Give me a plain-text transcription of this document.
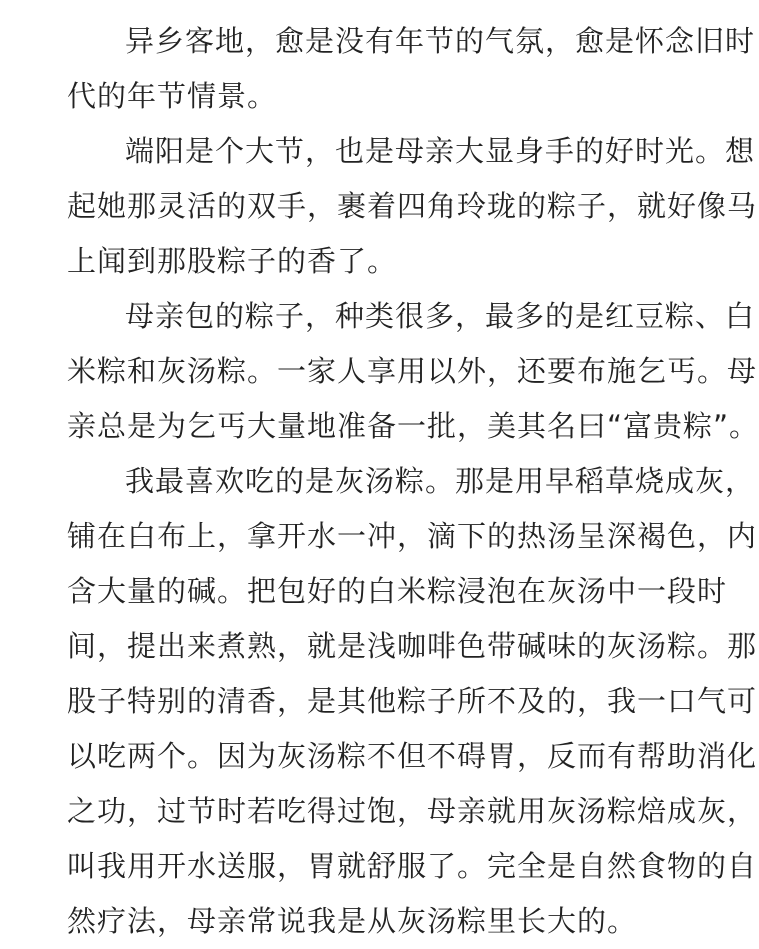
异乡客地，愈是没有年节的气氛，愈是怀念旧时
代的年节情景。
端阳是个大节，也是母亲大显身手的好时光。想
起她那灵活的双手，裹着四角玲珑的粽子，就好像马
上闻到那股粽子的香了。
母亲包的粽子，种类很多，最多的是红豆粽、白
米粽和灰汤粽。一家人享用以外，还要布施乞丐。母
亲总是为乞丐大量地准备一批，美其名曰“富贵粽”。
我最喜欢吃的是灰汤粽。那是用早稻草烧成灰，
铺在白布上，拿开水一冲，滴下的热汤呈深褐色，内
含大量的碱。把包好的白米粽浸泡在灰汤中一段时
间，提出来煮熟，就是浅咖啡色带碱味的灰汤粽。那
股子特别的清香，是其他粽子所不及的，我一口气可
以吃两个。因为灰汤粽不但不碍胃，反而有帮助消化
之功，过节时若吃得过饱，母亲就用灰汤粽焙成灰，
叫我用开水送服，胃就舒服了。完全是自然食物的自
然疗法，母亲常说我是从灰汤粽里长大的。
